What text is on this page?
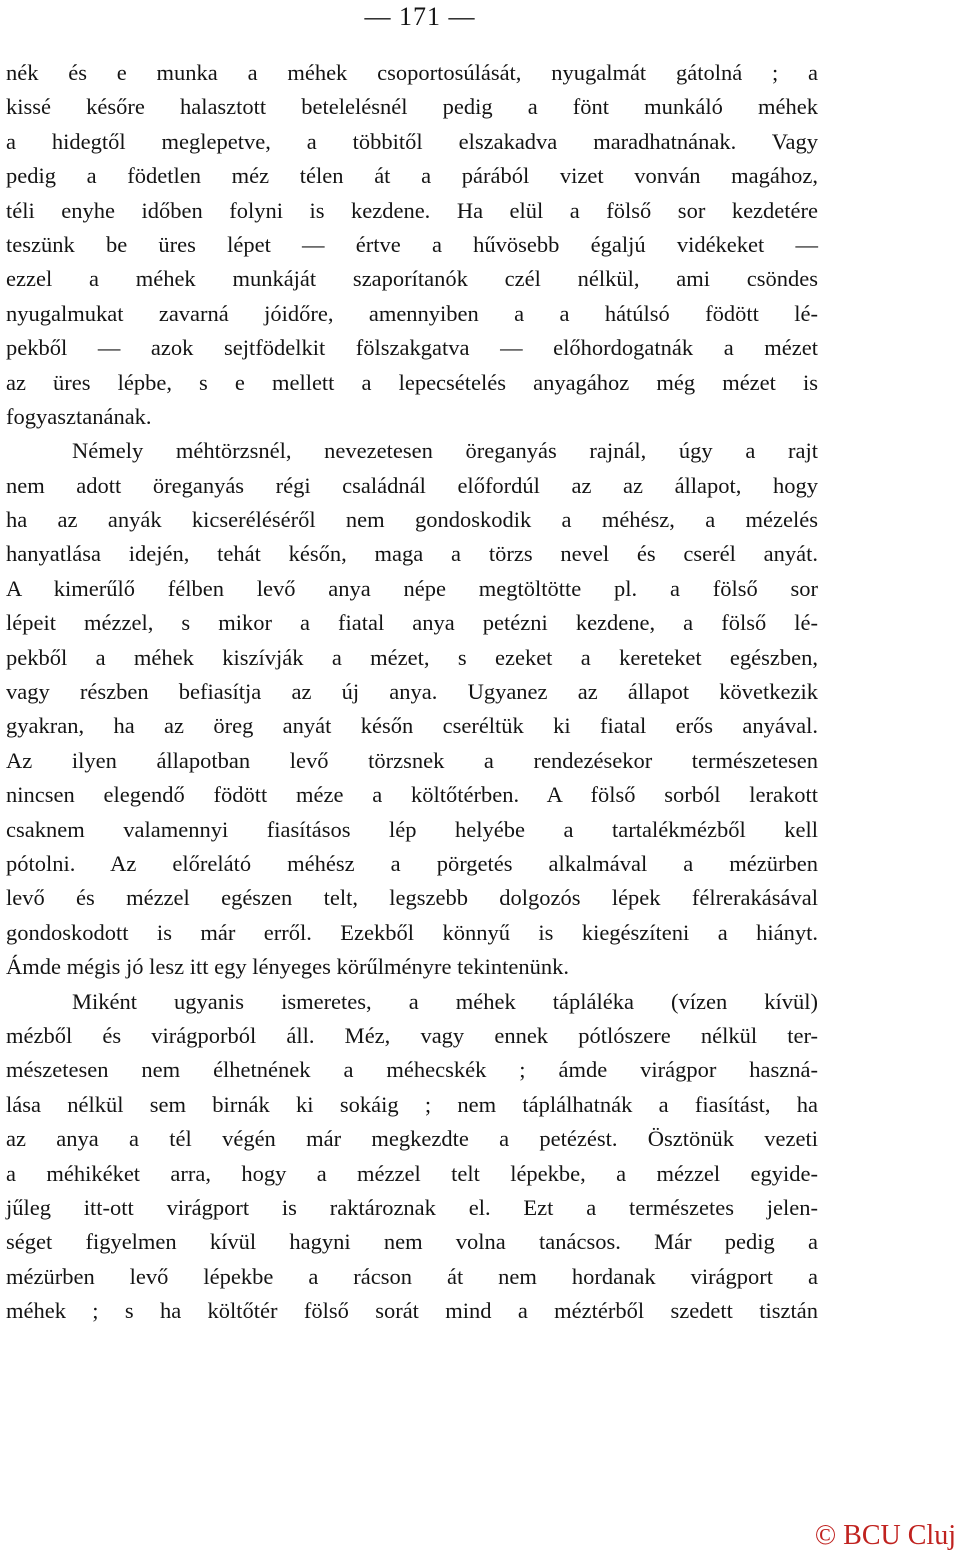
— 171 —
nék és e munka a méhek csoportosúlását, nyugalmát gátolná ; a
kissé későre halasztott betelelésnél pedig a fönt munkáló méhek
a hidegtől meglepetve, a többitől elszakadva maradhatnának. Vagy
pedig a födetlen méz télen át a párából vizet vonván magához,
téli enyhe időben folyni is kezdene. Ha elül a fölső sor kezdetére
teszünk be üres lépet — értve a hűvösebb égaljú vidékeket —
ezzel a méhek munkáját szaporítanók czél nélkül, ami csöndes
nyugalmukat zavarná jóidőre, amennyiben a a hátúlsó födött lé-
pekből — azok sejtfödelkit fölszakgatva — előhordogatnák a mézet
az üres lépbe, s e mellett a lepecsételés anyagához még mézet is
fogyasztanának.
Némely méhtörzsnél, nevezetesen öreganyás rajnál, úgy a rajt
nem adott öreganyás régi családnál előfordúl az az állapot, hogy
ha az anyák kicseréléséről nem gondoskodik a méhész, a mézelés
hanyatlása idején, tehát későn, maga a törzs nevel és cserél anyát.
A kimerűlő félben levő anya népe megtöltötte pl. a fölső sor
lépeit mézzel, s mikor a fiatal anya petézni kezdene, a fölső lé-
pekből a méhek kiszívják a mézet, s ezeket a kereteket egészben,
vagy részben befiasítja az új anya. Ugyanez az állapot következik
gyakran, ha az öreg anyát későn cseréltük ki fiatal erős anyával.
Az ilyen állapotban levő törzsnek a rendezésekor természetesen
nincsen elegendő födött méze a költőtérben. A fölső sorból lerakott
csaknem valamennyi fiasításos lép helyébe a tartalékmézből kell
pótolni. Az előrelátó méhész a pörgetés alkalmával a mézürben
levő és mézzel egészen telt, legszebb dolgozós lépek félrerakásával
gondoskodott is már erről. Ezekből könnyű is kiegészíteni a hiányt.
Ámde mégis jó lesz itt egy lényeges körűlményre tekintenünk.
Miként ugyanis ismeretes, a méhek tápláléka (vízen kívül)
mézből és virágporból áll. Méz, vagy ennek pótlószere nélkül ter-
mészetesen nem élhetnének a méhecskék ; ámde virágpor haszná-
lása nélkül sem birnák ki sokáig ; nem táplálhatnák a fiasítást, ha
az anya a tél végén már megkezdte a petézést. Ösztönük vezeti
a méhikéket arra, hogy a mézzel telt lépekbe, a mézzel egyide-
jűleg itt-ott virágport is raktároznak el. Ezt a természetes jelen-
séget figyelmen kívül hagyni nem volna tanácsos. Már pedig a
mézürben levő lépekbe a rácson át nem hordanak virágport a
méhek ; s ha költőtér fölső sorát mind a méztérből szedett tisztán
© BCU Cluj
